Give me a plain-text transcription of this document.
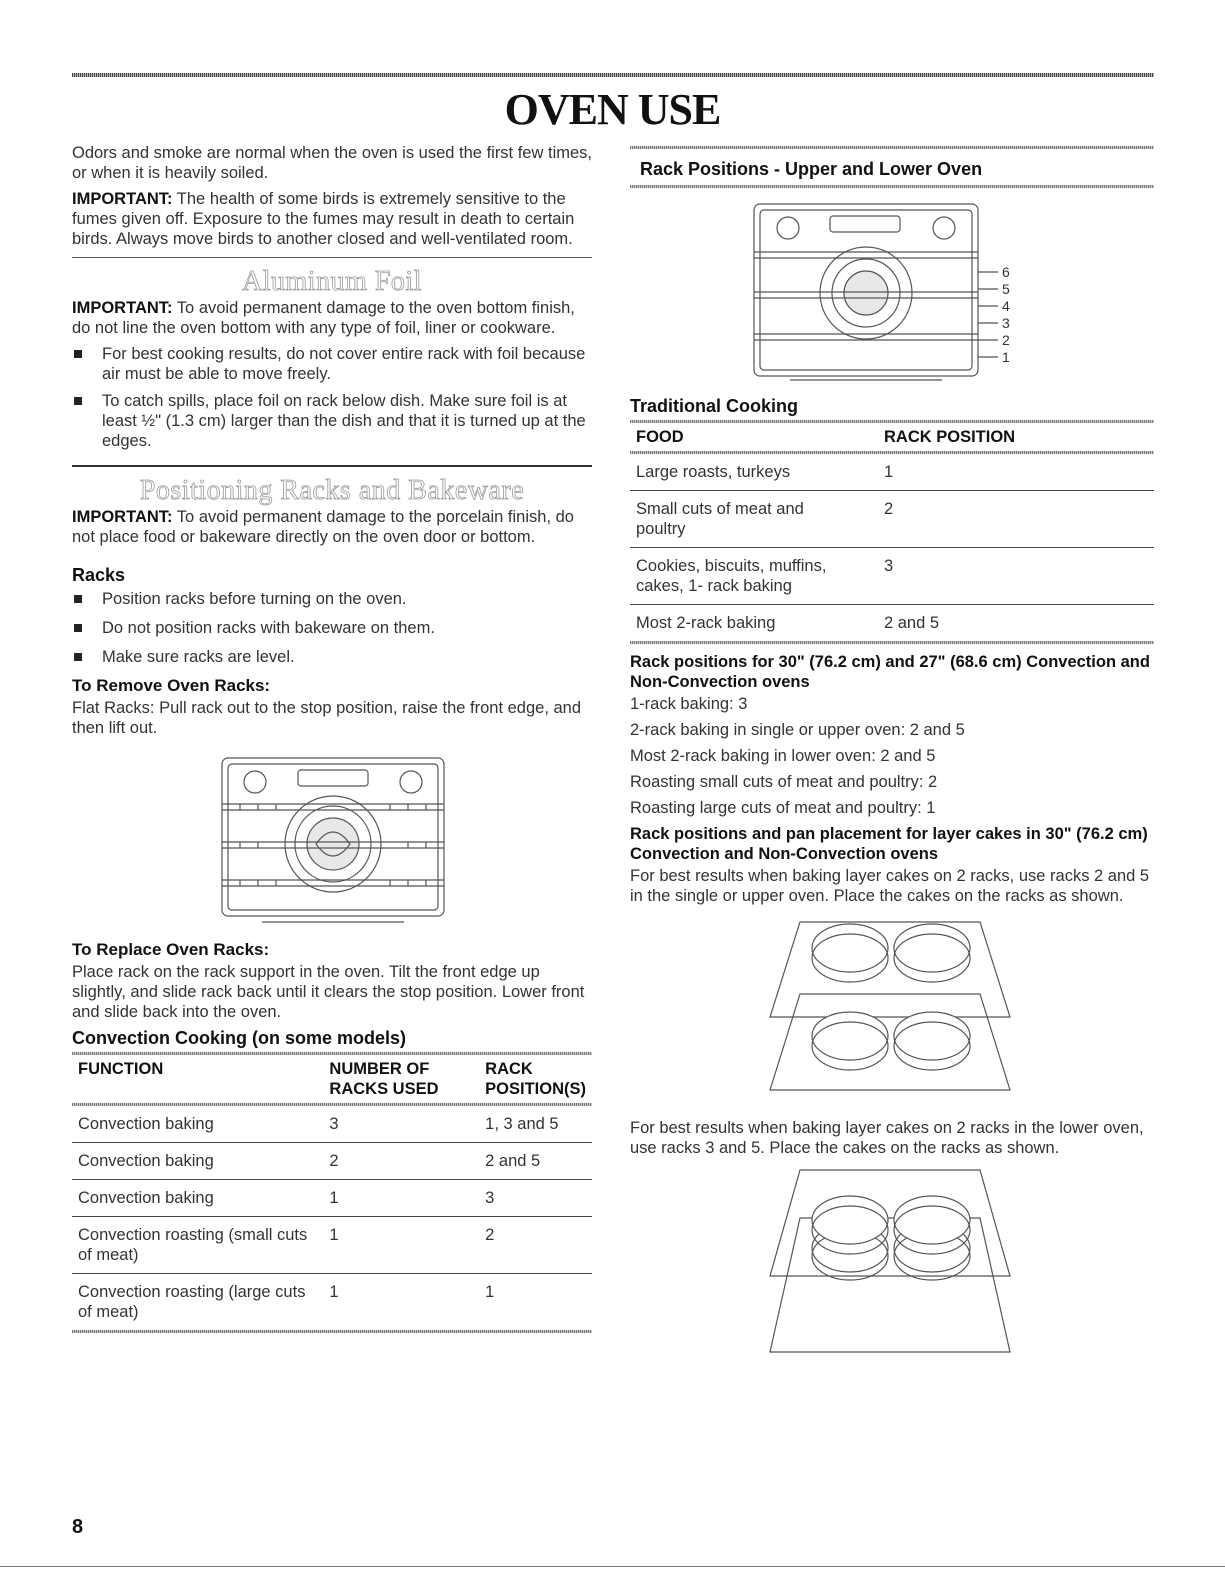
OVEN USE

Odors and smoke are normal when the oven is used the first few times, or when it is heavily soiled.

IMPORTANT: The health of some birds is extremely sensitive to the fumes given off. Exposure to the fumes may result in death to certain birds. Always move birds to another closed and well-ventilated room.

Aluminum Foil

IMPORTANT: To avoid permanent damage to the oven bottom finish, do not line the oven bottom with any type of foil, liner or cookware.

For best cooking results, do not cover entire rack with foil because air must be able to move freely.
To catch spills, place foil on rack below dish. Make sure foil is at least ½" (1.3 cm) larger than the dish and that it is turned up at the edges.
Positioning Racks and Bakeware

IMPORTANT: To avoid permanent damage to the porcelain finish, do not place food or bakeware directly on the oven door or bottom.

Racks
Position racks before turning on the oven.
Do not position racks with bakeware on them.
Make sure racks are level.
To Remove Oven Racks:

Flat Racks: Pull rack out to the stop position, raise the front edge, and then lift out.

To Replace Oven Racks:

Place rack on the rack support in the oven. Tilt the front edge up slightly, and slide rack back until it clears the stop position. Lower front and slide back into the oven.

Convection Cooking (on some models)
FUNCTION	NUMBER OF RACKS USED	RACK POSITION(S)

Convection baking	3	1, 3 and 5
Convection baking	2	2 and 5
Convection baking	1	3
Convection roasting (small cuts of meat)	1	2
Convection roasting (large cuts of meat)	1	1
Rack Positions - Upper and Lower Oven
6
5
4
3
2
1
Traditional Cooking
FOOD	RACK POSITION

Large roasts, turkeys	1
Small cuts of meat and poultry	2
Cookies, biscuits, muffins, cakes, 1- rack baking	3
Most 2-rack baking	2 and 5
Rack positions for 30" (76.2 cm) and 27" (68.6 cm) Convection and Non-Convection ovens
1-rack baking: 3
2-rack baking in single or upper oven: 2 and 5
Most 2-rack baking in lower oven: 2 and 5
Roasting small cuts of meat and poultry: 2
Roasting large cuts of meat and poultry: 1
Rack positions and pan placement for layer cakes in 30" (76.2 cm) Convection and Non-Convection ovens

For best results when baking layer cakes on 2 racks, use racks 2 and 5 in the single or upper oven. Place the cakes on the racks as shown.

For best results when baking layer cakes on 2 racks in the lower oven, use racks 3 and 5. Place the cakes on the racks as shown.

8
